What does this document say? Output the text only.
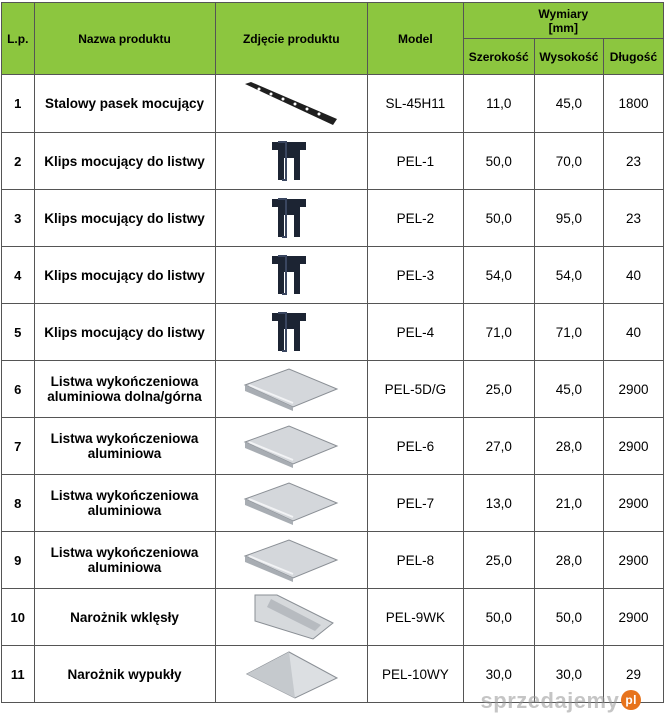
L.p.	Nazwa produktu	Zdjęcie produktu	Model	Wymiary
[mm]		

				Szerokość	Wysokość	Długość
1	Stalowy pasek mocujący		SL-45H11	11,0	45,0	1800
2	Klips mocujący do listwy		PEL-1	50,0	70,0	23
3	Klips mocujący do listwy		PEL-2	50,0	95,0	23
4	Klips mocujący do listwy		PEL-3	54,0	54,0	40
5	Klips mocujący do listwy		PEL-4	71,0	71,0	40
6	Listwa wykończeniowa aluminiowa dolna/górna		PEL-5D/G	25,0	45,0	2900
7	Listwa wykończeniowa aluminiowa		PEL-6	27,0	28,0	2900
8	Listwa wykończeniowa aluminiowa		PEL-7	13,0	21,0	2900
9	Listwa wykończeniowa aluminiowa		PEL-8	25,0	28,0	2900
10	Narożnik wklęsły		PEL-9WK	50,0	50,0	2900
11	Narożnik wypukły		PEL-10WY	30,0	30,0	29
sprzedajemy pl
